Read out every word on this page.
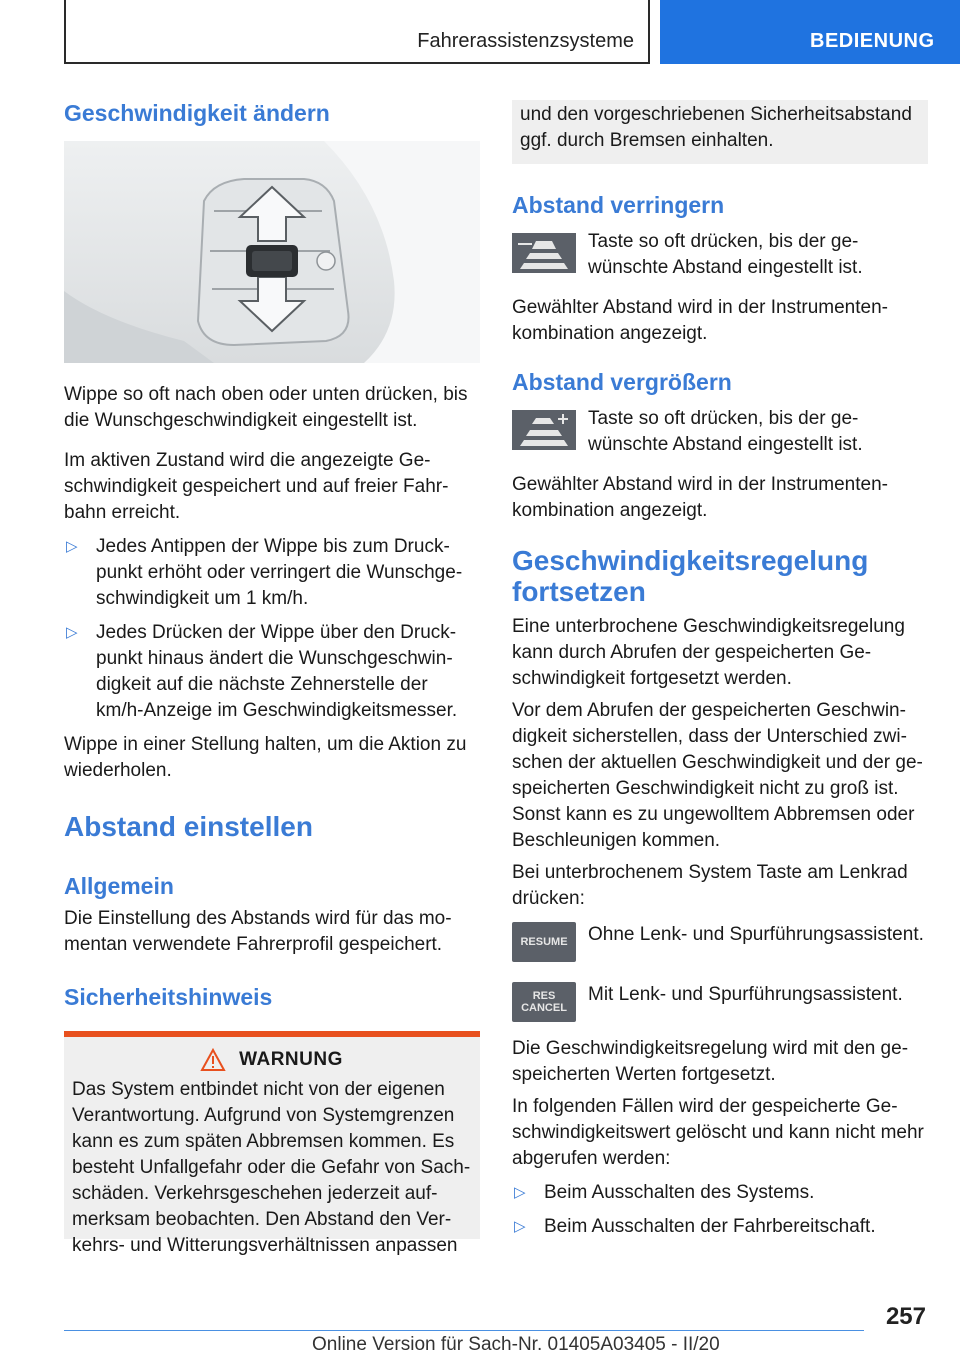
Fahrerassistenzsysteme	BEDIENUNG
Geschwindigkeit ändern

Wippe so oft nach oben oder unten drücken, bis die Wunschgeschwindigkeit eingestellt ist.

Im aktiven Zustand wird die angezeigte Geschwindigkeit gespeichert und auf freier Fahrbahn erreicht.

▷ Jedes Antippen der Wippe bis zum Druckpunkt erhöht oder verringert die Wunschgeschwindigkeit um 1 km/h.
▷ Jedes Drücken der Wippe über den Druckpunkt hinaus ändert die Wunschgeschwindigkeit auf die nächste Zehnerstelle der km/h-Anzeige im Geschwindigkeitsmesser.

Wippe in einer Stellung halten, um die Aktion zu wiederholen.

Abstand einstellen
Allgemein

Die Einstellung des Abstands wird für das momentan verwendete Fahrerprofil gespeichert.

Sicherheitshinweis
WARNUNG

Das System entbindet nicht von der eigenen Verantwortung. Aufgrund von Systemgrenzen kann es zum späten Abbremsen kommen. Es besteht Unfallgefahr oder die Gefahr von Sachschäden. Verkehrsgeschehen jederzeit aufmerksam beobachten. Den Abstand den Verkehrs- und Witterungsverhältnissen anpassen

und den vorgeschriebenen Sicherheitsabstand ggf. durch Bremsen einhalten.

Abstand verringern

Taste so oft drücken, bis der gewünschte Abstand eingestellt ist.

Gewählter Abstand wird in der Instrumentenkombination angezeigt.

Abstand vergrößern

Taste so oft drücken, bis der gewünschte Abstand eingestellt ist.

Gewählter Abstand wird in der Instrumentenkombination angezeigt.

Geschwindigkeitsregelung fortsetzen

Eine unterbrochene Geschwindigkeitsregelung kann durch Abrufen der gespeicherten Geschwindigkeit fortgesetzt werden.

Vor dem Abrufen der gespeicherten Geschwindigkeit sicherstellen, dass der Unterschied zwischen der aktuellen Geschwindigkeit und der gespeicherten Geschwindigkeit nicht zu groß ist. Sonst kann es zu ungewolltem Abbremsen oder Beschleunigen kommen.

Bei unterbrochenem System Taste am Lenkrad drücken:

RESUME	Ohne Lenk- und Spurführungsassistent.

RES
CANCEL

Mit Lenk- und Spurführungsassistent.

Die Geschwindigkeitsregelung wird mit den gespeicherten Werten fortgesetzt.

In folgenden Fällen wird der gespeicherte Geschwindigkeitswert gelöscht und kann nicht mehr abgerufen werden:

▷ Beim Ausschalten des Systems.
▷ Beim Ausschalten der Fahrbereitschaft.
257
Online Version für Sach-Nr. 01405A03405 - II/20
